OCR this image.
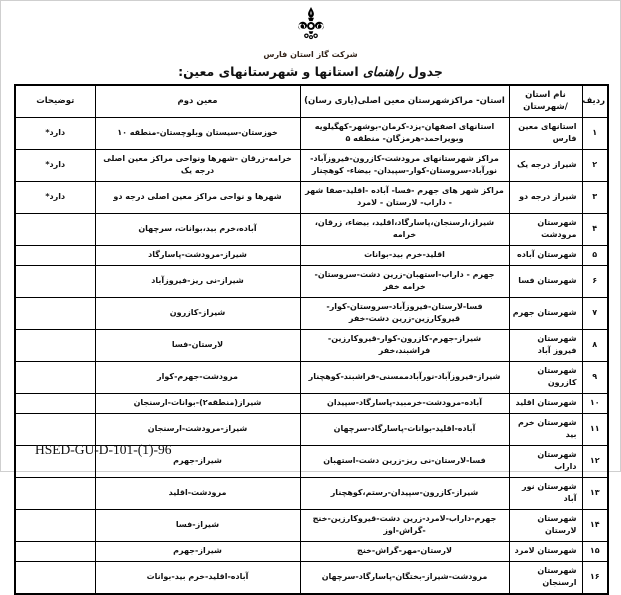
شرکت گاز استان فارس
جدول راهنمای استانها و شهرستانهای معین:
ردیف	نام استان
/شهرستان	استان- مراکزشهرستان معین اصلی(یاری رسان)	معین دوم	توضیحات
۱	استانهای معین فارس	استانهای اصفهان-یزد-کرمان-بوشهر-کهگیلویه وبویراحمد-هرمزگان- منطقه ۵	خوزستان-سیستان وبلوچستان-منطقه ۱۰	دارد*
۲	شیراز درجه یک	مراکز شهرستانهای مرودشت-کازرون-فیروزآباد-نورآباد-سروستان-کوار-سپیدان- بیضاء- کوهچنار	خرامه-زرقان -شهرها ونواحی مراکز معین اصلی درجه یک	دارد*
۳	شیراز درجه دو	مراکز شهر های جهرم -فسا- آباده -اقلید-صفا شهر - داراب- لارستان - لامرد	شهرها و نواحی مراکز معین اصلی درجه دو	دارد*
۴	شهرستان مرودشت	شیراز،ارسنجان،پاسارگاد،اقلید، بیضاء، زرقان، خرامه	آباده،خرم بید،بوانات، سرچهان	
۵	شهرستان آباده	اقلید-خرم بید-بوانات	شیراز-مرودشت-پاسارگاد	
۶	شهرستان فسا	جهرم - داراب-استهبان-زرین دشت-سروستان-خرامه خفر	شیراز-نی ریز-فیروزآباد	
۷	شهرستان جهرم	فسا-لارستان-فیروزآباد-سروستان-کوار-قیروکارزین-زرین دشت-خفر	شیراز-کازرون	
۸	شهرستان فیروز آباد	شیراز-جهرم-کازرون-کوار-قیروکارزین-فراشبند،خفر	لارستان-فسا	
۹	شهرستان کازرون	شیراز-فیروزآباد-نورآبادممسنی-فراشبند-کوهچنار	مرودشت-جهرم-کوار	
۱۰	شهرستان اقلید	آباده-مرودشت-خرمبید-پاسارگاد-سپیدان	شیراز(منطقه۲)-بوانات-ارسنجان	
۱۱	شهرستان خرم بید	آباده-اقلید-بوانات-پاسارگاد-سرچهان	شیراز-مرودشت-ارسنجان	
۱۲	شهرستان داراب	فسا-لارستان-نی ریز-زرین دشت-استهبان	شیراز-جهرم	
۱۳	شهرستان نور آباد	شیراز-کازرون-سپیدان-رستم،کوهچنار	مرودشت-اقلید	
۱۴	شهرستان لارستان	جهرم-داراب-لامرد-زرین دشت-قیروکارزین-خنج -گراش-اوز	شیراز-فسا	
۱۵	شهرستان لامرد	لارستان-مهر-گراش-خنج	شیراز-جهرم	
۱۶	شهرستان ارسنجان	مرودشت-شیراز-بختگان-پاسارگاد-سرچهان	آباده-اقلید-خرم بید-بوانات	
HSED-GU-D-101-(1)-96
